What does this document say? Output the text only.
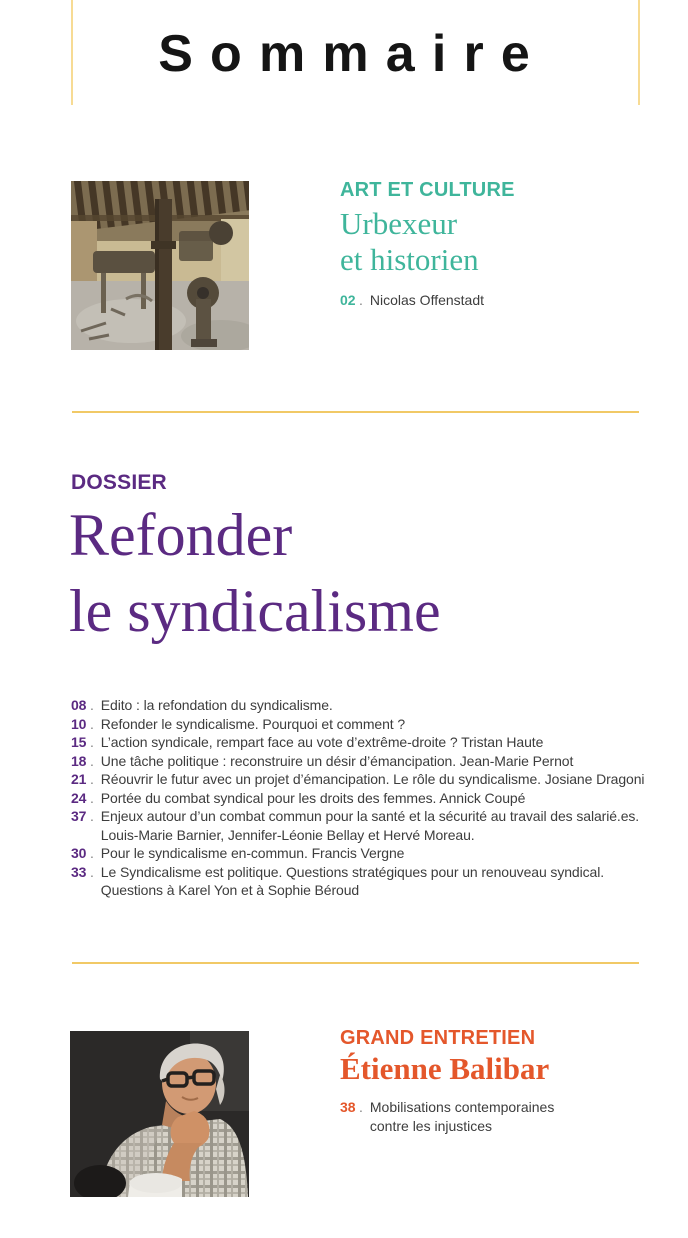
Sommaire
ART ET CULTURE
Urbexeur
et historien
02 . Nicolas Offenstadt
DOSSIER
Refonder
le syndicalisme
08 . Edito : la refondation du syndicalisme.
10 . Refonder le syndicalisme. Pourquoi et comment ?
15 . L’action syndicale, rempart face au vote d’extrême-droite ? Tristan Haute
18 . Une tâche politique : reconstruire un désir d’émancipation. Jean-Marie Pernot
21 . Réouvrir le futur avec un projet d’émancipation. Le rôle du syndicalisme. Josiane Dragoni
24 . Portée du combat syndical pour les droits des femmes. Annick Coupé
37 . Enjeux autour d’un combat commun pour la santé et la sécurité au travail des salarié.es.
Louis-Marie Barnier, Jennifer-Léonie Bellay et Hervé Moreau.
30 . Pour le syndicalisme en-commun. Francis Vergne
33 . Le Syndicalisme est politique. Questions stratégiques pour un renouveau syndical.
Questions à Karel Yon et à Sophie Béroud
GRAND ENTRETIEN
Étienne Balibar
38 . Mobilisations contemporaines
contre les injustices
